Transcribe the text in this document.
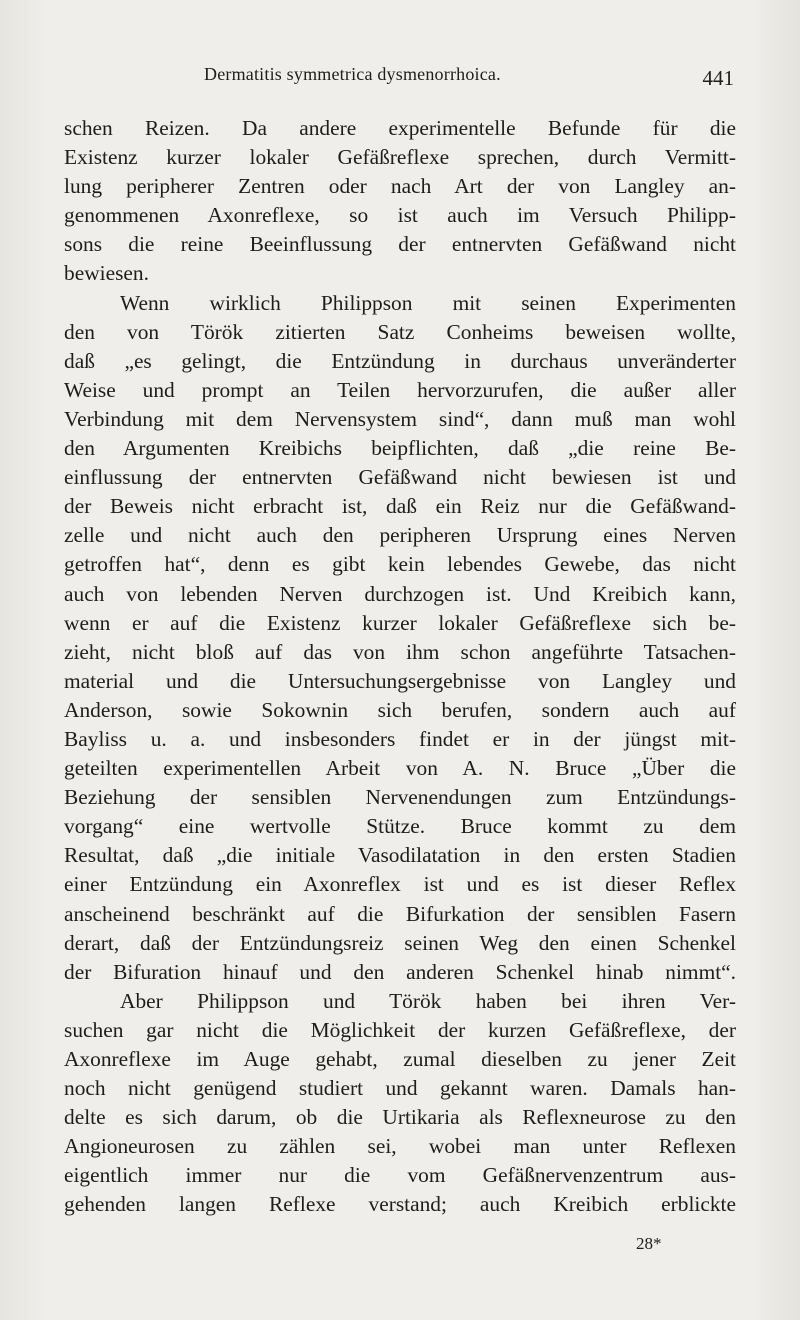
Dermatitis symmetrica dysmenorrhoica.	441
schen Reizen. Da andere experimentelle Befunde für die
Existenz kurzer lokaler Gefäßreflexe sprechen, durch Vermitt-
lung peripherer Zentren oder nach Art der von Langley an-
genommenen Axonreflexe, so ist auch im Versuch Philipp-
sons die reine Beeinflussung der entnervten Gefäßwand nicht
bewiesen.
Wenn wirklich Philippson mit seinen Experimenten
den von Török zitierten Satz Conheims beweisen wollte,
daß „es gelingt, die Entzündung in durchaus unveränderter
Weise und prompt an Teilen hervorzurufen, die außer aller
Verbindung mit dem Nervensystem sind“, dann muß man wohl
den Argumenten Kreibichs beipflichten, daß „die reine Be-
einflussung der entnervten Gefäßwand nicht bewiesen ist und
der Beweis nicht erbracht ist, daß ein Reiz nur die Gefäßwand-
zelle und nicht auch den peripheren Ursprung eines Nerven
getroffen hat“, denn es gibt kein lebendes Gewebe, das nicht
auch von lebenden Nerven durchzogen ist. Und Kreibich kann,
wenn er auf die Existenz kurzer lokaler Gefäßreflexe sich be-
zieht, nicht bloß auf das von ihm schon angeführte Tatsachen-
material und die Untersuchungsergebnisse von Langley und
Anderson, sowie Sokownin sich berufen, sondern auch auf
Bayliss u. a. und insbesonders findet er in der jüngst mit-
geteilten experimentellen Arbeit von A. N. Bruce „Über die
Beziehung der sensiblen Nervenendungen zum Entzündungs-
vorgang“ eine wertvolle Stütze. Bruce kommt zu dem
Resultat, daß „die initiale Vasodilatation in den ersten Stadien
einer Entzündung ein Axonreflex ist und es ist dieser Reflex
anscheinend beschränkt auf die Bifurkation der sensiblen Fasern
derart, daß der Entzündungsreiz seinen Weg den einen Schenkel
der Bifuration hinauf und den anderen Schenkel hinab nimmt“.
Aber Philippson und Török haben bei ihren Ver-
suchen gar nicht die Möglichkeit der kurzen Gefäßreflexe, der
Axonreflexe im Auge gehabt, zumal dieselben zu jener Zeit
noch nicht genügend studiert und gekannt waren. Damals han-
delte es sich darum, ob die Urtikaria als Reflexneurose zu den
Angioneurosen zu zählen sei, wobei man unter Reflexen
eigentlich immer nur die vom Gefäßnervenzentrum aus-
gehenden langen Reflexe verstand; auch Kreibich erblickte
28*
